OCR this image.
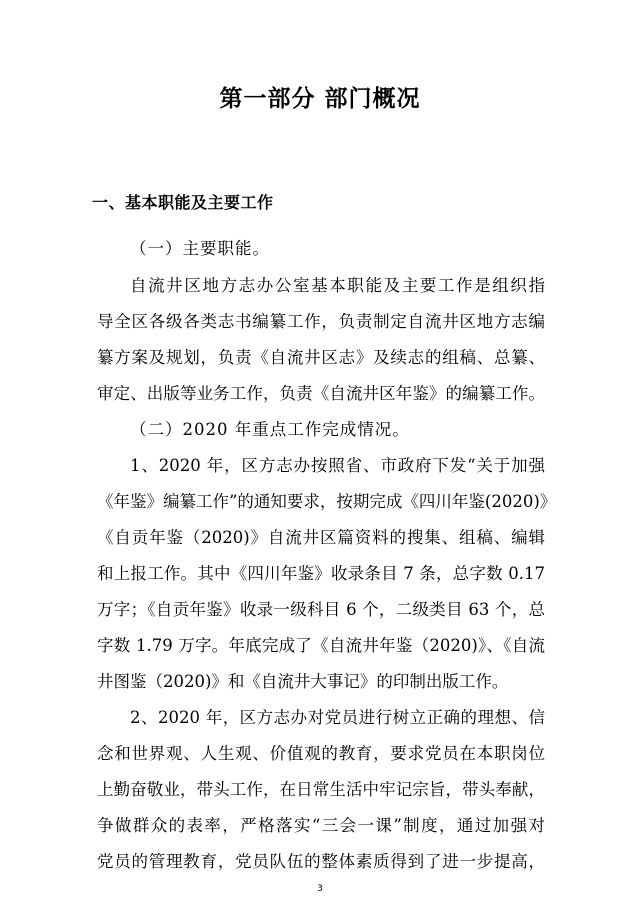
第一部分 部门概况
一、基本职能及主要工作
（一）主要职能。
自流井区地方志办公室基本职能及主要工作是组织指
导全区各级各类志书编纂工作，负责制定自流井区地方志编
纂方案及规划，负责《自流井区志》及续志的组稿、总纂、
审定、出版等业务工作，负责《自流井区年鉴》的编纂工作。
（二）2020 年重点工作完成情况。
1、2020 年，区方志办按照省、市政府下发“关于加强
《年鉴》编纂工作”的通知要求，按期完成《四川年鉴(2020)》
《自贡年鉴（2020)》自流井区篇资料的搜集、组稿、编辑
和上报工作。其中《四川年鉴》收录条目 7 条，总字数 0.17
万字；《自贡年鉴》收录一级科目 6 个，二级类目 63 个，总
字数 1.79 万字。年底完成了《自流井年鉴（2020)》、《自流
井图鉴（2020)》和《自流井大事记》的印制出版工作。
2、2020 年，区方志办对党员进行树立正确的理想、信
念和世界观、人生观、价值观的教育，要求党员在本职岗位
上勤奋敬业，带头工作，在日常生活中牢记宗旨，带头奉献，
争做群众的表率，严格落实“三会一课”制度，通过加强对
党员的管理教育，党员队伍的整体素质得到了进一步提高，
3
